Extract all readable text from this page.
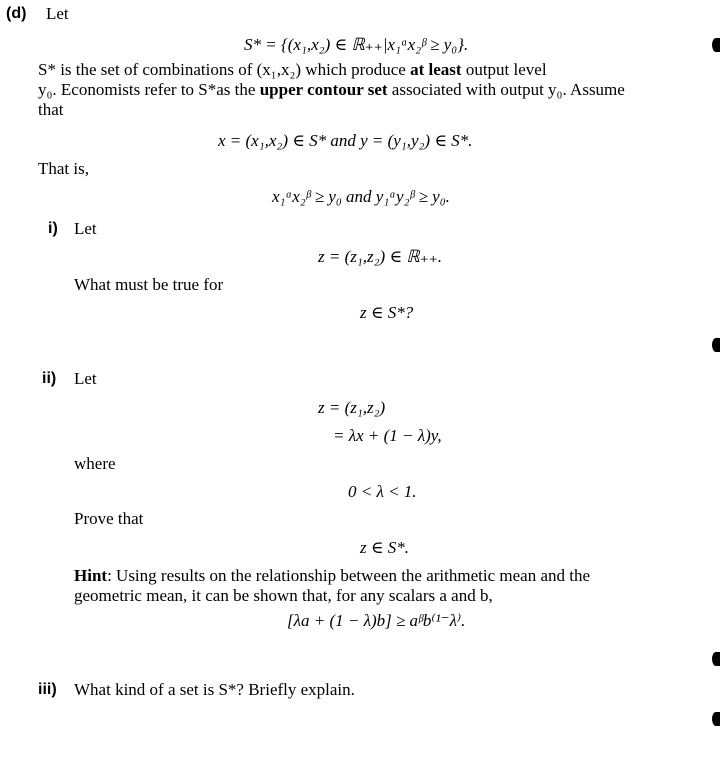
(d) Let
S* = {(x₁,x₂) ∈ ℝ₊₊|x₁ᵅx₂ᵝ ≥ y₀}.
S* is the set of combinations of (x₁,x₂) which produce at least output level
y₀. Economists refer to S*as the upper contour set associated with output y₀. Assume
that
x = (x₁,x₂) ∈ S* and y = (y₁,y₂) ∈ S*.
That is,
x₁ᵅx₂ᵝ ≥ y₀ and y₁ᵅy₂ᵝ ≥ y₀.
i) Let
z = (z₁,z₂) ∈ ℝ₊₊.
What must be true for
z ∈ S*?
ii) Let
z = (z₁,z₂)
= λx + (1 − λ)y,
where
0 < λ < 1.
Prove that
z ∈ S*.
Hint: Using results on the relationship between the arithmetic mean and the
geometric mean, it can be shown that, for any scalars a and b,
[λa + (1 − λ)b] ≥ aᵝb⁽¹⁻λ⁾.
iii) What kind of a set is S*? Briefly explain.
